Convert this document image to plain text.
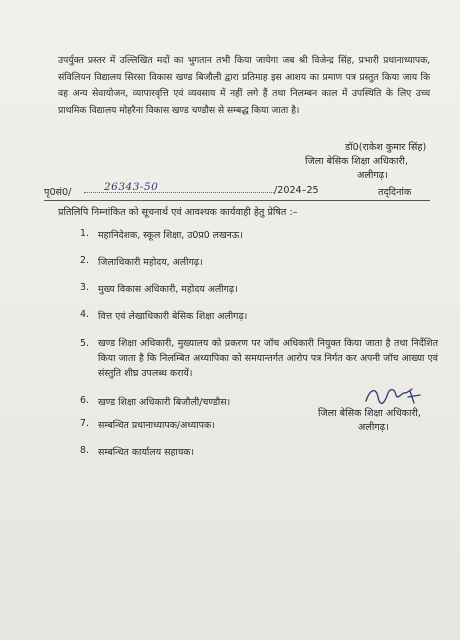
उपर्युक्त प्रस्तर में उल्लिखित मदों का भुगतान तभी किया जायेगा जब श्री विजेन्द्र सिंह, प्रभारी प्रधानाध्यापक, संविलियन विद्यालय सिरसा विकास खण्ड बिजौली द्वारा प्रतिमाह इस आशय का प्रमाण पत्र प्रस्तुत किया जाय कि वह अन्य सेवायोजन, व्यापारवृत्ति एवं व्यवसाय में नहीं लगे हैं तथा निलम्बन काल में उपस्थिति के लिए उच्च प्राथमिक विद्यालय मोहरैना विकास खण्ड चण्डौस से सम्बद्ध किया जाता है।

डॉ0(राकेश कुमार सिंह)
जिला बेसिक शिक्षा अधिकारी,
अलीगढ़।
पृ0सं0/	26343-50	/2024–25	तद्‌दिनांक
प्रतिलिपि निम्नांकित को सूचनार्थ एवं आवश्यक कार्यवाही हेतु प्रेषित :–
1. महानिदेशक, स्कूल शिक्षा, उ0प्र0 लखनऊ।
2. जिलाधिकारी महोदय, अलीगढ़।
3. मुख्य विकास अधिकारी, महोदय अलीगढ़।
4. वित्त एवं लेखाधिकारी बेसिक शिक्षा अलीगढ़।
5. खण्ड शिक्षा अधिकारी, मुख्यालय को प्रकरण पर जॉच अधिकारी नियुक्त किया जाता है तथा निर्देशित किया जाता है कि निलम्बित अध्यापिका को समयान्तर्गत आरोप पत्र निर्गत कर अपनी जॉच आख्या एवं संस्तुति शीघ्र उपलब्ध करायें।
6. खण्ड शिक्षा अधिकारी बिजौली/चण्डौस।
7. सम्बन्धित प्रधानाध्यापक/अध्यापक।
8. सम्बन्धित कार्यालय सहायक।
जिला बेसिक शिक्षा अधिकारी,
अलीगढ़।
